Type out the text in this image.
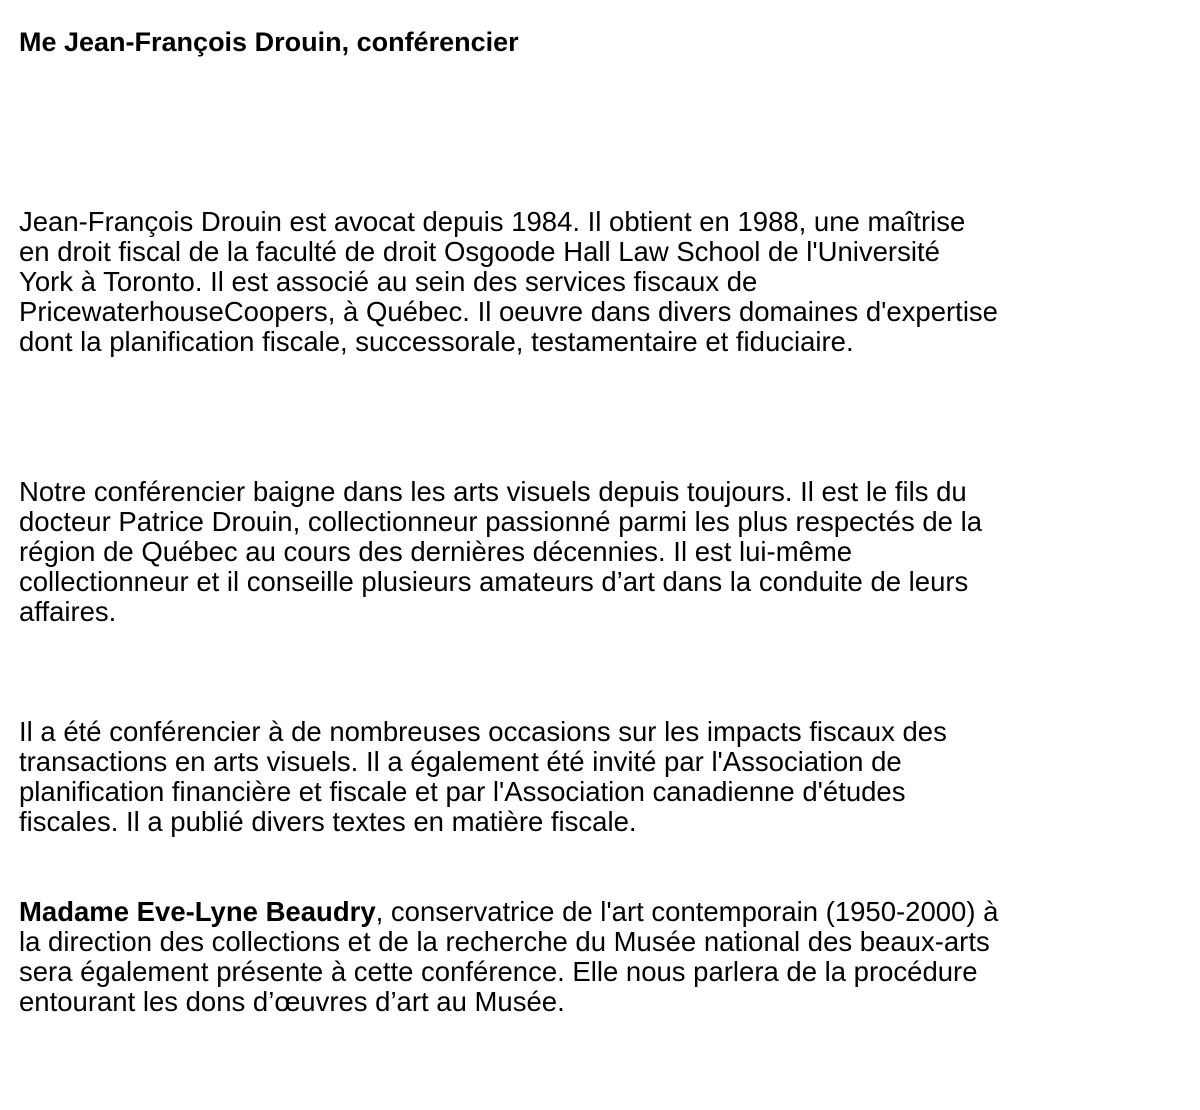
Me Jean-François Drouin, conférencier

Jean-François Drouin est avocat depuis 1984. Il obtient en 1988, une maîtrise en droit fiscal de la faculté de droit Osgoode Hall Law School de l'Université York à Toronto. Il est associé au sein des services fiscaux de PricewaterhouseCoopers, à Québec. Il oeuvre dans divers domaines d'expertise dont la planification fiscale, successorale, testamentaire et fiduciaire.

Notre conférencier baigne dans les arts visuels depuis toujours. Il est le fils du docteur Patrice Drouin, collectionneur passionné parmi les plus respectés de la région de Québec au cours des dernières décennies. Il est lui-même collectionneur et il conseille plusieurs amateurs d’art dans la conduite de leurs affaires.

Il a été conférencier à de nombreuses occasions sur les impacts fiscaux des transactions en arts visuels. Il a également été invité par l'Association de planification financière et fiscale et par l'Association canadienne d'études fiscales. Il a publié divers textes en matière fiscale.

Madame Eve-Lyne Beaudry, conservatrice de l'art contemporain (1950-2000) à la direction des collections et de la recherche du Musée national des beaux-arts sera également présente à cette conférence. Elle nous parlera de la procédure entourant les dons d’œuvres d’art au Musée.
